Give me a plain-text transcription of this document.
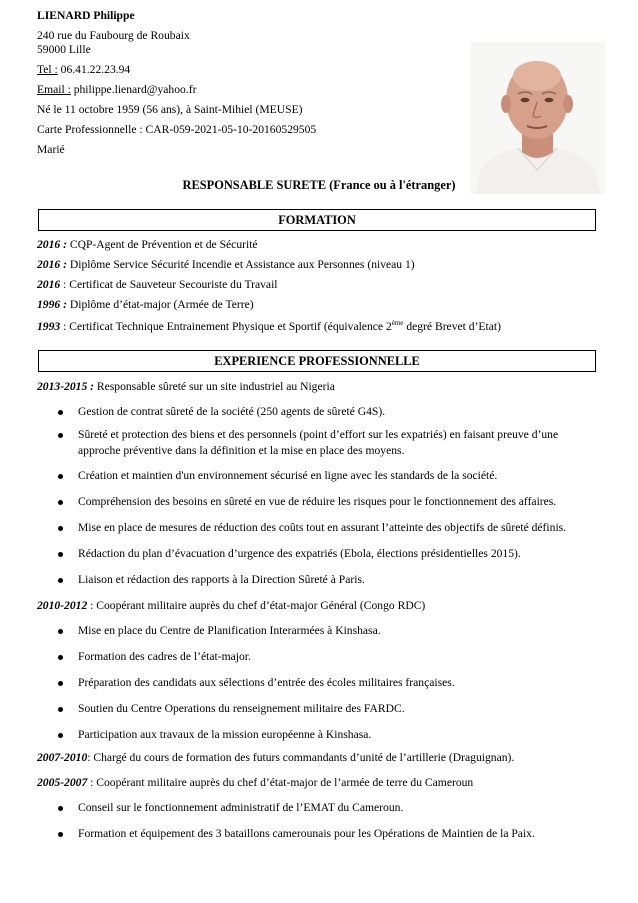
LIENARD Philippe
240 rue du Faubourg de Roubaix
59000 Lille
Tel : 06.41.22.23.94
Email : philippe.lienard@yahoo.fr
Né le 11 octobre 1959 (56 ans), à Saint-Mihiel (MEUSE)
Carte Professionnelle : CAR-059-2021-05-10-20160529505
Marié
RESPONSABLE SURETE (France ou à l'étranger)
FORMATION
2016 : CQP-Agent de Prévention et de Sécurité
2016 : Diplôme Service Sécurité Incendie et Assistance aux Personnes (niveau 1)
2016 : Certificat de Sauveteur Secouriste du Travail
1996 : Diplôme d’état-major (Armée de Terre)
1993 : Certificat Technique Entrainement Physique et Sportif (équivalence 2ème degré Brevet d’Etat)
EXPERIENCE PROFESSIONNELLE
2013-2015 : Responsable sûreté sur un site industriel au Nigeria
Gestion de contrat sûreté de la société (250 agents de sûreté G4S).
Sûreté et protection des biens et des personnels (point d’effort sur les expatriés) en faisant preuve d’une approche préventive dans la définition et la mise en place des moyens.
Création et maintien d'un environnement sécurisé en ligne avec les standards de la société.
Compréhension des besoins en sûreté en vue de réduire les risques pour le fonctionnement des affaires.
Mise en place de mesures de réduction des coûts tout en assurant l’atteinte des objectifs de sûreté définis.
Rédaction du plan d’évacuation d’urgence des expatriés (Ebola, élections présidentielles 2015).
Liaison et rédaction des rapports à la Direction Sûreté à Paris.
2010-2012 : Coopérant militaire auprès du chef d’état-major Général (Congo RDC)
Mise en place du Centre de Planification Interarmées à Kinshasa.
Formation des cadres de l’état-major.
Préparation des candidats aux sélections d’entrée des écoles militaires françaises.
Soutien du Centre Operations du renseignement militaire des FARDC.
Participation aux travaux de la mission européenne à Kinshasa.
2007-2010: Chargé du cours de formation des futurs commandants d’unité de l’artillerie (Draguignan).
2005-2007 : Coopérant militaire auprès du chef d’état-major de l’armée de terre du Cameroun
Conseil sur le fonctionnement administratif de l’EMAT du Cameroun.
Formation et équipement des 3 bataillons camerounais pour les Opérations de Maintien de la Paix.
